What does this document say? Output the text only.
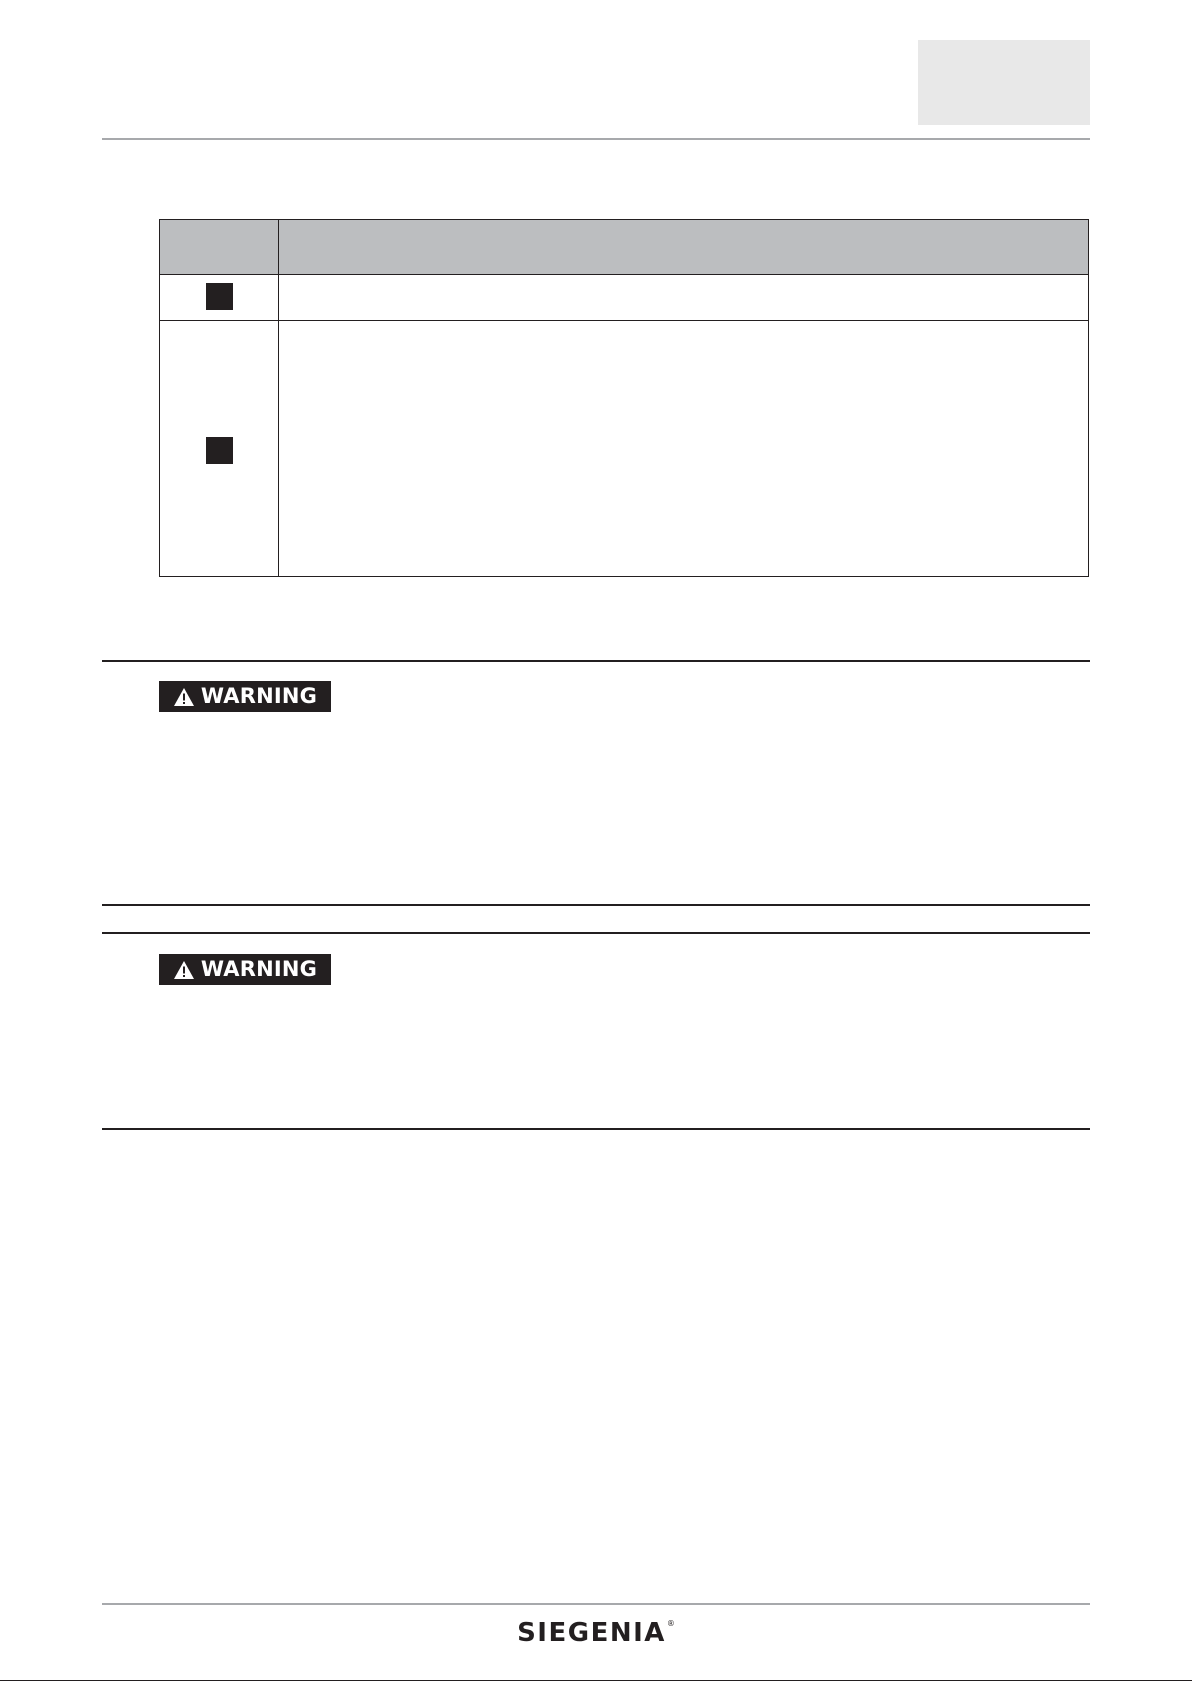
WARNING
WARNING
SIEGENIA ®
